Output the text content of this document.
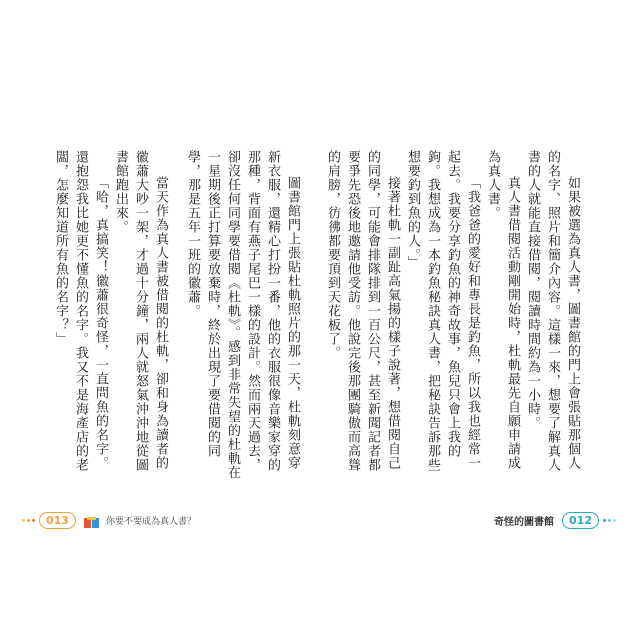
圖書館門上張貼杜軌照片的那一天，杜軌刻意穿新衣服，還精心打扮一番，他的衣服很像音樂家穿的那種，背面有燕子尾巴一樣的設計。然而兩天過去，卻沒任何同學要借閱《杜軌》。感到非常失望的杜軌在一星期後正打算要放棄時，終於出現了要借閱的同學，那是五年一班的徽蕭。

當天作為真人書被借閱的杜軌，卻和身為讀者的徽蕭大吵一架，才過十分鐘，兩人就怒氣沖沖地從圖書館跑出來。

「哈，真搞笑！徽蕭很奇怪，一直問魚的名字。還抱怨我比她更不懂魚的名字。我又不是海產店的老闆，怎麼知道所有魚的名字？」

013	你要不要成為真人書？

如果被選為真人書，圖書館的門上會張貼那個人的名字、照片和簡介內容。這樣一來，想要了解真人書的人就能直接借閱，閱讀時間約為一小時。

真人書借閱活動剛開始時，杜軌最先自願申請成為真人書。

「我爸爸的愛好和專長是釣魚，所以我也經常一起去。我要分享釣魚的神奇故事，魚兒只會上我的鉤。我想成為一本釣魚秘訣真人書，把秘訣告訴那些想要釣到魚的人。」

接著杜軌一副趾高氣揚的樣子說著，想借閱自己的同學，可能會排隊排到一百公尺，甚至新聞記者都要爭先恐後地邀請他受訪。他說完後那團騎傲而高聳的肩膀，彷彿都要頂到天花板了。

奇怪的圖書館	012
